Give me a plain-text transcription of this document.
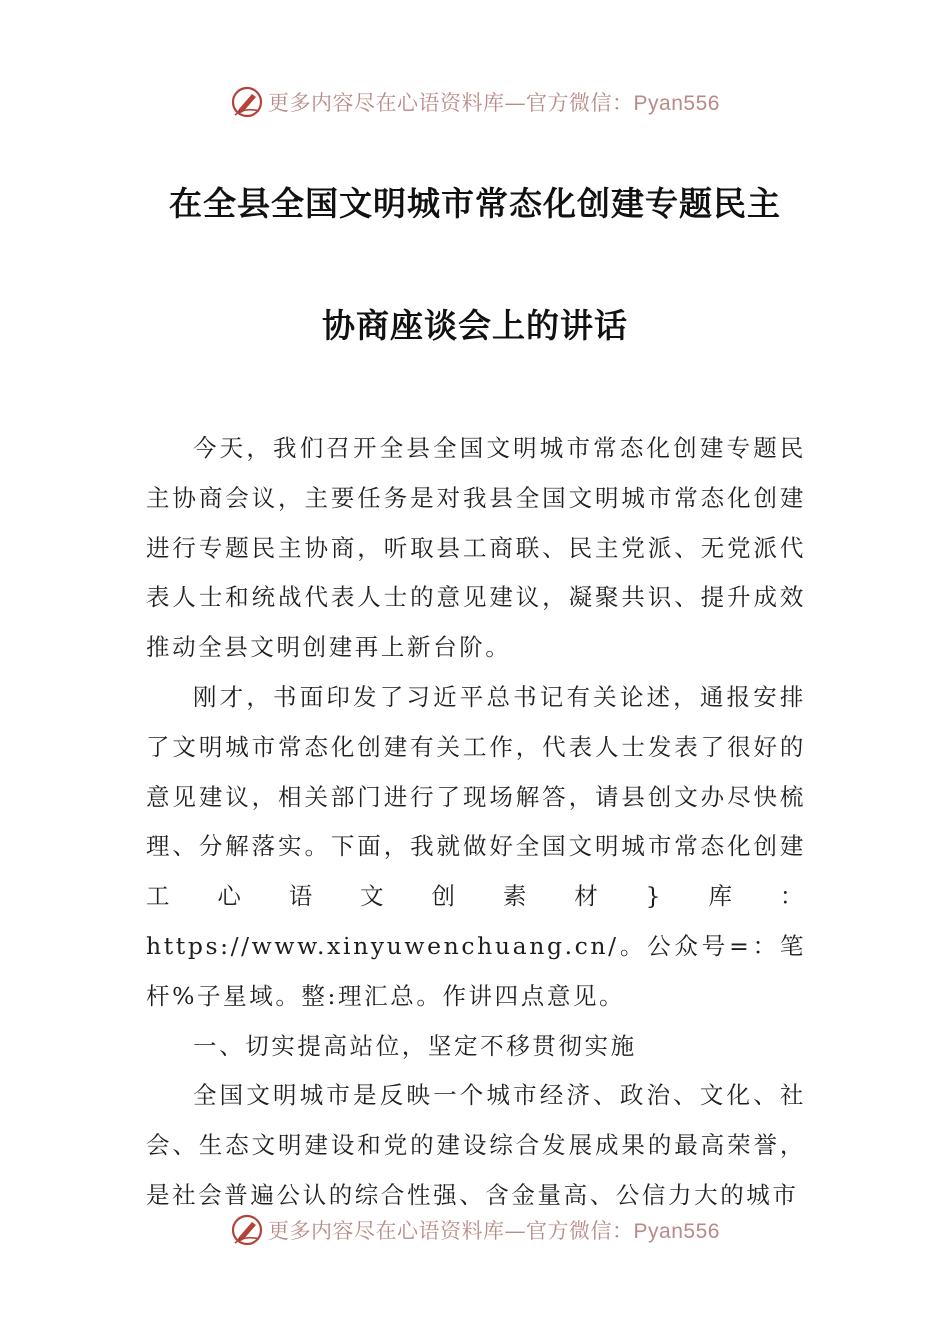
更多内容尽在心语资料库—官方微信：Pyan556
在全县全国文明城市常态化创建专题民主
协商座谈会上的讲话

今天，我们召开全县全国文明城市常态化创建专题民主协商会议，主要任务是对我县全国文明城市常态化创建进行专题民主协商，听取县工商联、民主党派、无党派代表人士和统战代表人士的意见建议，凝聚共识、提升成效推动全县文明创建再上新台阶。

刚才，书面印发了习近平总书记有关论述，通报安排了文明城市常态化创建有关工作，代表人士发表了很好的意见建议，相关部门进行了现场解答，请县创文办尽快梳理、分解落实。下面，我就做好全国文明城市常态化创建工心语文创素材}库：https://www.xinyuwenchuang.cn/。公众号=：笔杆%子星域。整:理汇总。作讲四点意见。

一、切实提高站位，坚定不移贯彻实施

全国文明城市是反映一个城市经济、政治、文化、社会、生态文明建设和党的建设综合发展成果的最高荣誉，是社会普遍公认的综合性强、含金量高、公信力大的城市

更多内容尽在心语资料库—官方微信：Pyan556
